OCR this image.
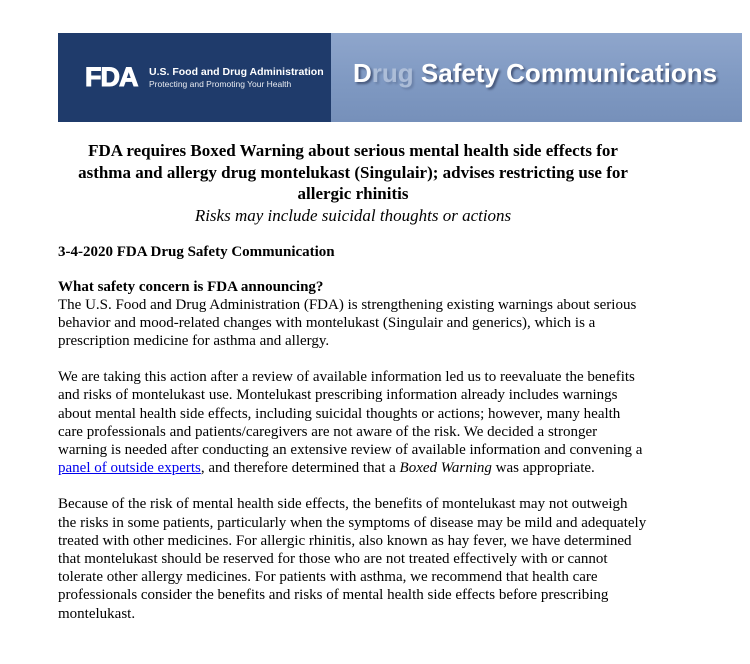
FDA U.S. Food and Drug Administration
Protecting and Promoting Your Health	Drug Safety Communications
FDA requires Boxed Warning about serious mental health side effects for asthma and allergy drug montelukast (Singulair); advises restricting use for allergic rhinitis
Risks may include suicidal thoughts or actions
3-4-2020 FDA Drug Safety Communication
What safety concern is FDA announcing?

The U.S. Food and Drug Administration (FDA) is strengthening existing warnings about serious behavior and mood-related changes with montelukast (Singulair and generics), which is a prescription medicine for asthma and allergy.

We are taking this action after a review of available information led us to reevaluate the benefits and risks of montelukast use. Montelukast prescribing information already includes warnings about mental health side effects, including suicidal thoughts or actions; however, many health care professionals and patients/caregivers are not aware of the risk. We decided a stronger warning is needed after conducting an extensive review of available information and convening a panel of outside experts, and therefore determined that a Boxed Warning was appropriate.

Because of the risk of mental health side effects, the benefits of montelukast may not outweigh the risks in some patients, particularly when the symptoms of disease may be mild and adequately treated with other medicines. For allergic rhinitis, also known as hay fever, we have determined that montelukast should be reserved for those who are not treated effectively with or cannot tolerate other allergy medicines. For patients with asthma, we recommend that health care professionals consider the benefits and risks of mental health side effects before prescribing montelukast.
